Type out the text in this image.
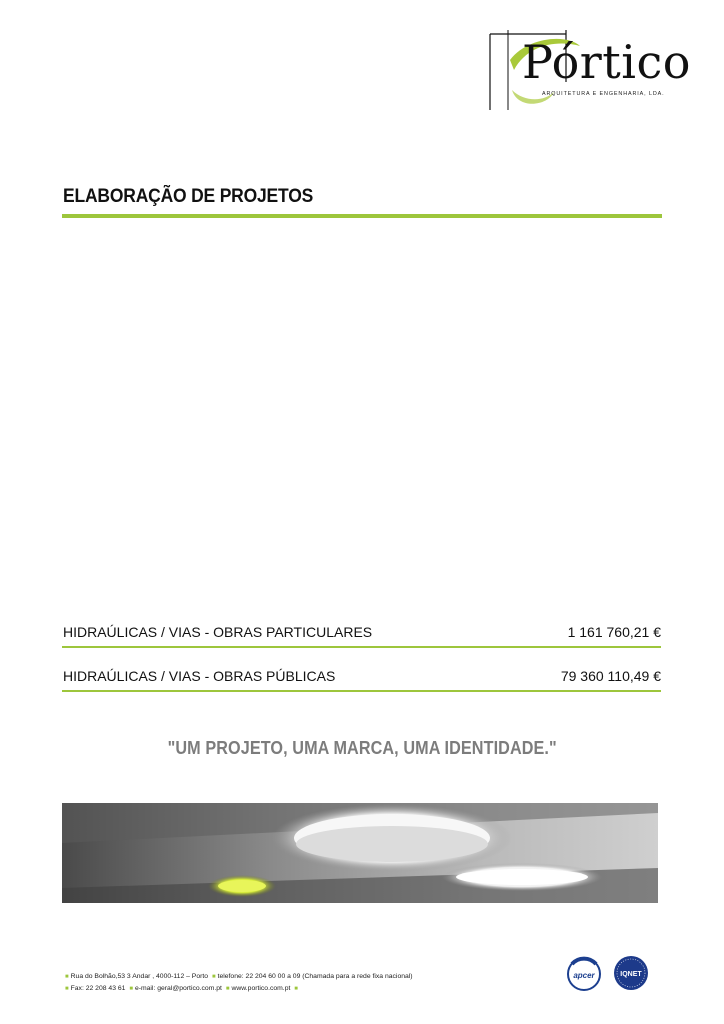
Pórtico
ARQUITETURA E ENGENHARIA, LDA.
ELABORAÇÃO DE PROJETOS
HIDRAÚLICAS / VIAS - OBRAS PARTICULARES	1 161 760,21 €
HIDRAÚLICAS / VIAS - OBRAS PÚBLICAS	79 360 110,49 €
"UM PROJETO, UMA MARCA, UMA IDENTIDADE."
■ Rua do Bolhão,53 3 Andar , 4000-112 – Porto ■ telefone: 22 204 60 00 a 09 (Chamada para a rede fixa nacional)
■ Fax: 22 208 43 61 ■ e-mail: geral@portico.com.pt ■ www.portico.com.pt ■
apcer	IQNET
